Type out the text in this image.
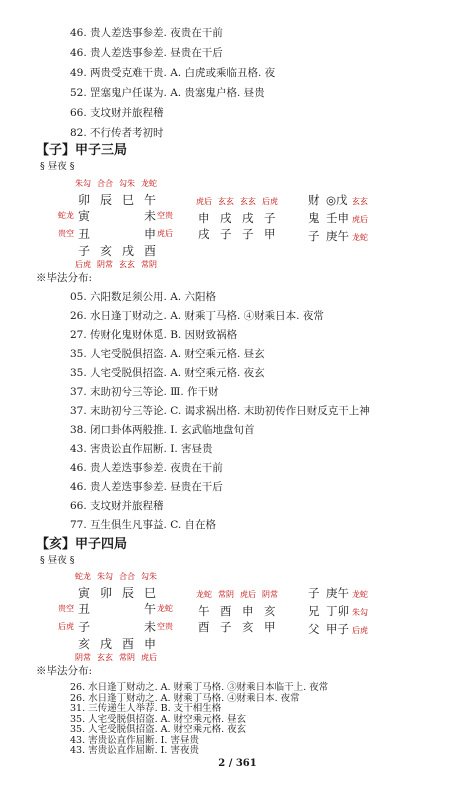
46. 贵人差迭事参差. 夜贵在干前
46. 贵人差迭事参差. 昼贵在干后
49. 两贵受克难干贵. A. 白虎或乘临丑格. 夜
52. 罡塞鬼户任谋为. A. 贵塞鬼户格. 昼贵
66. 支坟财并旅程稽
82. 不行传者考初时
【子】甲子三局
§ 昼夜 §
朱勾 合合 勾朱 龙蛇
卯 辰 巳 午
蛇龙 寅	未 空贵
贵空 丑	申 虎后
子 亥 戌 酉
后虎 阴常 玄玄 常阴
虎后 玄玄 玄玄 后虎
申 戌 戌 子
戌 子 子 甲
财 ◎戊 玄玄
鬼 壬申 虎后
子 庚午 龙蛇
※毕法分布:
05. 六阳数足须公用. A. 六阳格
26. 水日逢丁财动之. A. 财乘丁马格. ④财乘日本. 夜常
27. 传财化鬼财休觅. B. 因财致祸格
35. 人宅受脱俱招盗. A. 财空乘元格. 昼玄
35. 人宅受脱俱招盗. A. 财空乘元格. 夜玄
37. 末助初兮三等论. Ⅲ. 作干财
37. 末助初兮三等论. C. 谒求祸出格. 末助初传作日财反克干上神
38. 闭口卦体两般推. Ⅰ. 玄武临地盘旬首
43. 害贵讼直作屈断. Ⅰ. 害昼贵
46. 贵人差迭事参差. 夜贵在干前
46. 贵人差迭事参差. 昼贵在干后
66. 支坟财并旅程稽
77. 互生俱生凡事益. C. 自在格
【亥】甲子四局
§ 昼夜 §
蛇龙 朱勾 合合 勾朱
寅 卯 辰 巳
贵空 丑	午 龙蛇
后虎 子	未 空贵
亥 戌 酉 申
阴常 玄玄 常阴 虎后
龙蛇 常阴 虎后 阴常
午 酉 申 亥
酉 子 亥 甲
子 庚午 龙蛇
兄 丁卯 朱勾
父 甲子 后虎
※毕法分布:
2 / 361
26. 水日逢丁财动之. A. 财乘丁马格. ③财乘日本临干上. 夜常
26. 水日逢丁财动之. A. 财乘丁马格. ④财乘日本. 夜常
31. 三传递生人举荐. B. 支干相生格
35. 人宅受脱俱招盗. A. 财空乘元格. 昼玄
35. 人宅受脱俱招盗. A. 财空乘元格. 夜玄
43. 害贵讼直作屈断. Ⅰ. 害昼贵
43. 害贵讼直作屈断. Ⅰ. 害夜贵
